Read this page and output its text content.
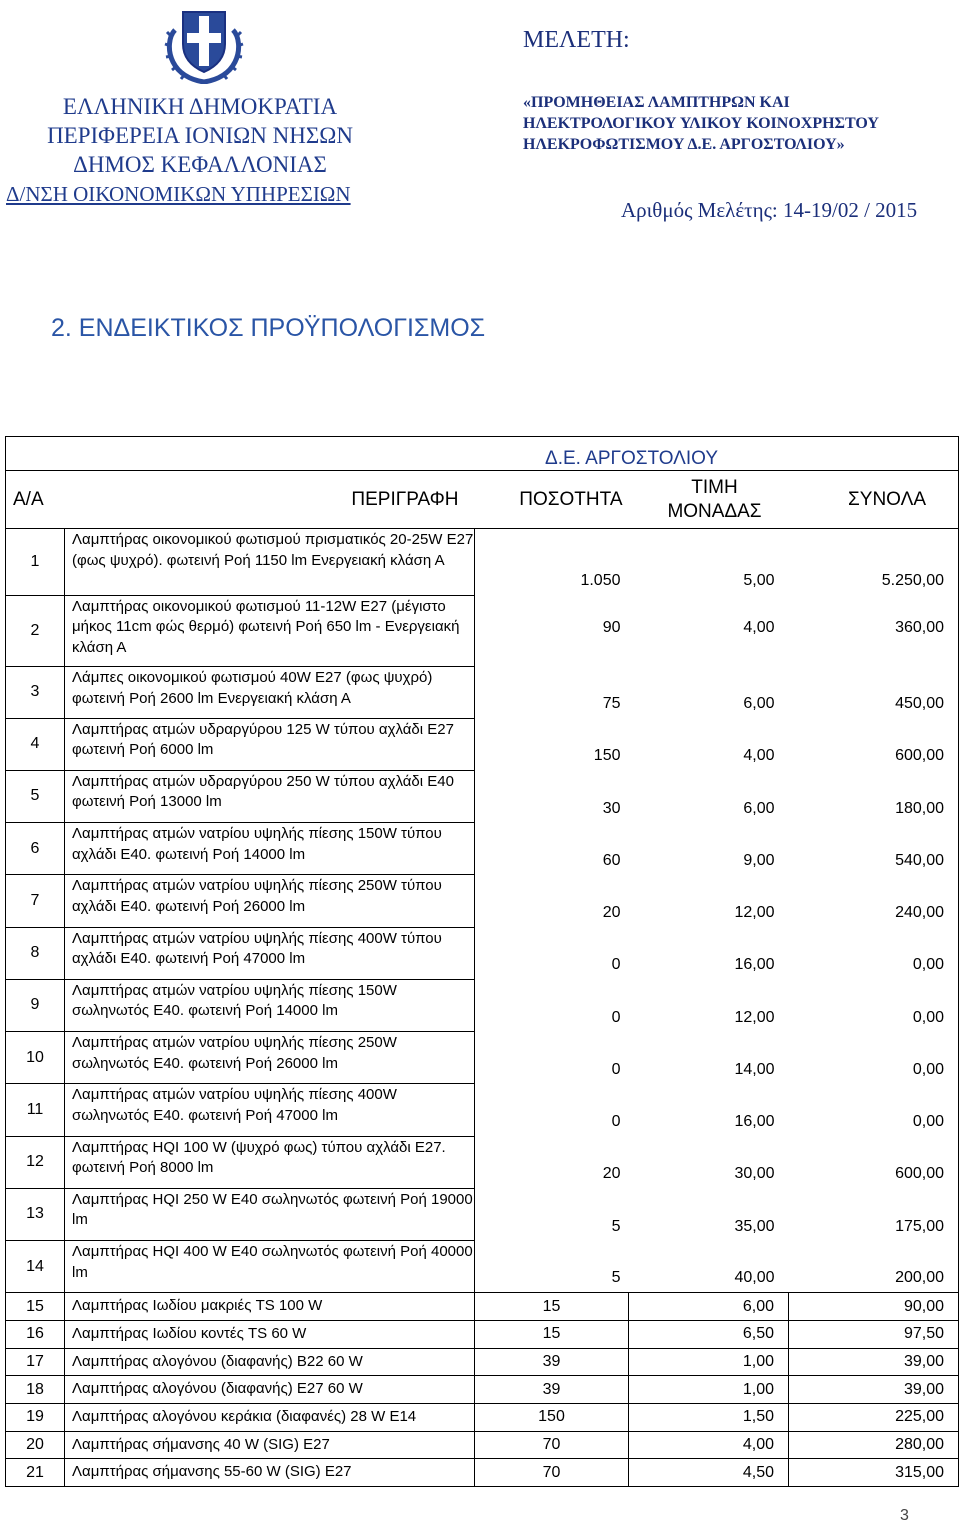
ΕΛΛΗΝΙΚΗ ΔΗΜΟΚΡΑΤΙΑ
ΠΕΡΙΦΕΡΕΙΑ ΙΟΝΙΩΝ ΝΗΣΩΝ
ΔΗΜΟΣ ΚΕΦΑΛΛΟΝΙΑΣ
Δ/ΝΣΗ ΟΙΚΟΝΟΜΙΚΩΝ ΥΠΗΡΕΣΙΩΝ
ΜΕΛΕΤΗ:
«ΠΡΟΜΗΘΕΙΑΣ ΛΑΜΠΤΗΡΩΝ ΚΑΙ
ΗΛΕΚΤΡΟΛΟΓΙΚΟΥ ΥΛΙΚΟΥ ΚΟΙΝΟΧΡΗΣΤΟΥ
ΗΛΕΚΡΟΦΩΤΙΣΜΟΥ Δ.Ε. ΑΡΓΟΣΤΟΛΙΟΥ»
Αριθμός Μελέτης: 14-19/02 / 2015
2. ΕΝΔΕΙΚΤΙΚΟΣ ΠΡΟΫΠΟΛΟΓΙΣΜΟΣ
		Δ.Ε. ΑΡΓΟΣΤΟΛΙΟΥ		
Α/Α	ΠΕΡΙΓΡΑΦΗ	ΠΟΣΟΤΗΤΑ	ΤΙΜΗ ΜΟΝΑΔΑΣ	ΣΥΝΟΛΑ
1	Λαμπτήρας οικονομικού φωτισμού πρισματικός 20-25W E27 (φως ψυχρό). φωτεινή Ροή 1150 lm Ενεργειακή κλάση Α	1.050	5,00	5.250,00
2	Λαμπτήρας οικονομικού φωτισμού 11-12W E27 (μέγιστο μήκος 11cm φώς θερμό) φωτεινή Ροή 650 lm - Ενεργειακή κλάση Α	90	4,00	360,00
3	Λάμπες οικονομικού φωτισμού 40W E27 (φως ψυχρό) φωτεινή Ροή 2600 lm Ενεργειακή κλάση Α	75	6,00	450,00
4	Λαμπτήρας ατμών υδραργύρου 125 W τύπου αχλάδι E27 φωτεινή Ροή 6000 lm	150	4,00	600,00
5	Λαμπτήρας ατμών υδραργύρου 250 W τύπου αχλάδι Ε40 φωτεινή Ροή 13000 lm	30	6,00	180,00
6	Λαμπτήρας ατμών νατρίου υψηλής πίεσης 150W τύπου αχλάδι Ε40. φωτεινή Ροή 14000 lm	60	9,00	540,00
7	Λαμπτήρας ατμών νατρίου υψηλής πίεσης 250W τύπου αχλάδι Ε40. φωτεινή Ροή 26000 lm	20	12,00	240,00
8	Λαμπτήρας ατμών νατρίου υψηλής πίεσης 400W τύπου αχλάδι Ε40. φωτεινή Ροή 47000 lm	0	16,00	0,00
9	Λαμπτήρας ατμών νατρίου υψηλής πίεσης 150W σωληνωτός Ε40. φωτεινή Ροή 14000 lm	0	12,00	0,00
10	Λαμπτήρας ατμών νατρίου υψηλής πίεσης 250W σωληνωτός Ε40. φωτεινή Ροή 26000 lm	0	14,00	0,00
11	Λαμπτήρας ατμών νατρίου υψηλής πίεσης 400W σωληνωτός Ε40. φωτεινή Ροή 47000 lm	0	16,00	0,00
12	Λαμπτήρας HQI 100 W (ψυχρό φως) τύπου αχλάδι E27. φωτεινή Ροή 8000 lm	20	30,00	600,00
13	Λαμπτήρας HQI 250 W E40 σωληνωτός φωτεινή Ροή 19000 lm	5	35,00	175,00
14	Λαμπτήρας HQI 400 W E40 σωληνωτός φωτεινή Ροή 40000 lm	5	40,00	200,00
15	Λαμπτήρας Ιωδίου μακριές TS 100 W	15	6,00	90,00
16	Λαμπτήρας Ιωδίου κοντές TS 60 W	15	6,50	97,50
17	Λαμπτήρας αλογόνου (διαφανής) B22 60 W	39	1,00	39,00
18	Λαμπτήρας αλογόνου (διαφανής) Ε27 60 W	39	1,00	39,00
19	Λαμπτήρας αλογόνου κεράκια (διαφανές) 28 W E14	150	1,50	225,00
20	Λαμπτήρας σήμανσης 40 W (SIG) Ε27	70	4,00	280,00
21	Λαμπτήρας σήμανσης 55-60 W (SIG) Ε27	70	4,50	315,00
3
